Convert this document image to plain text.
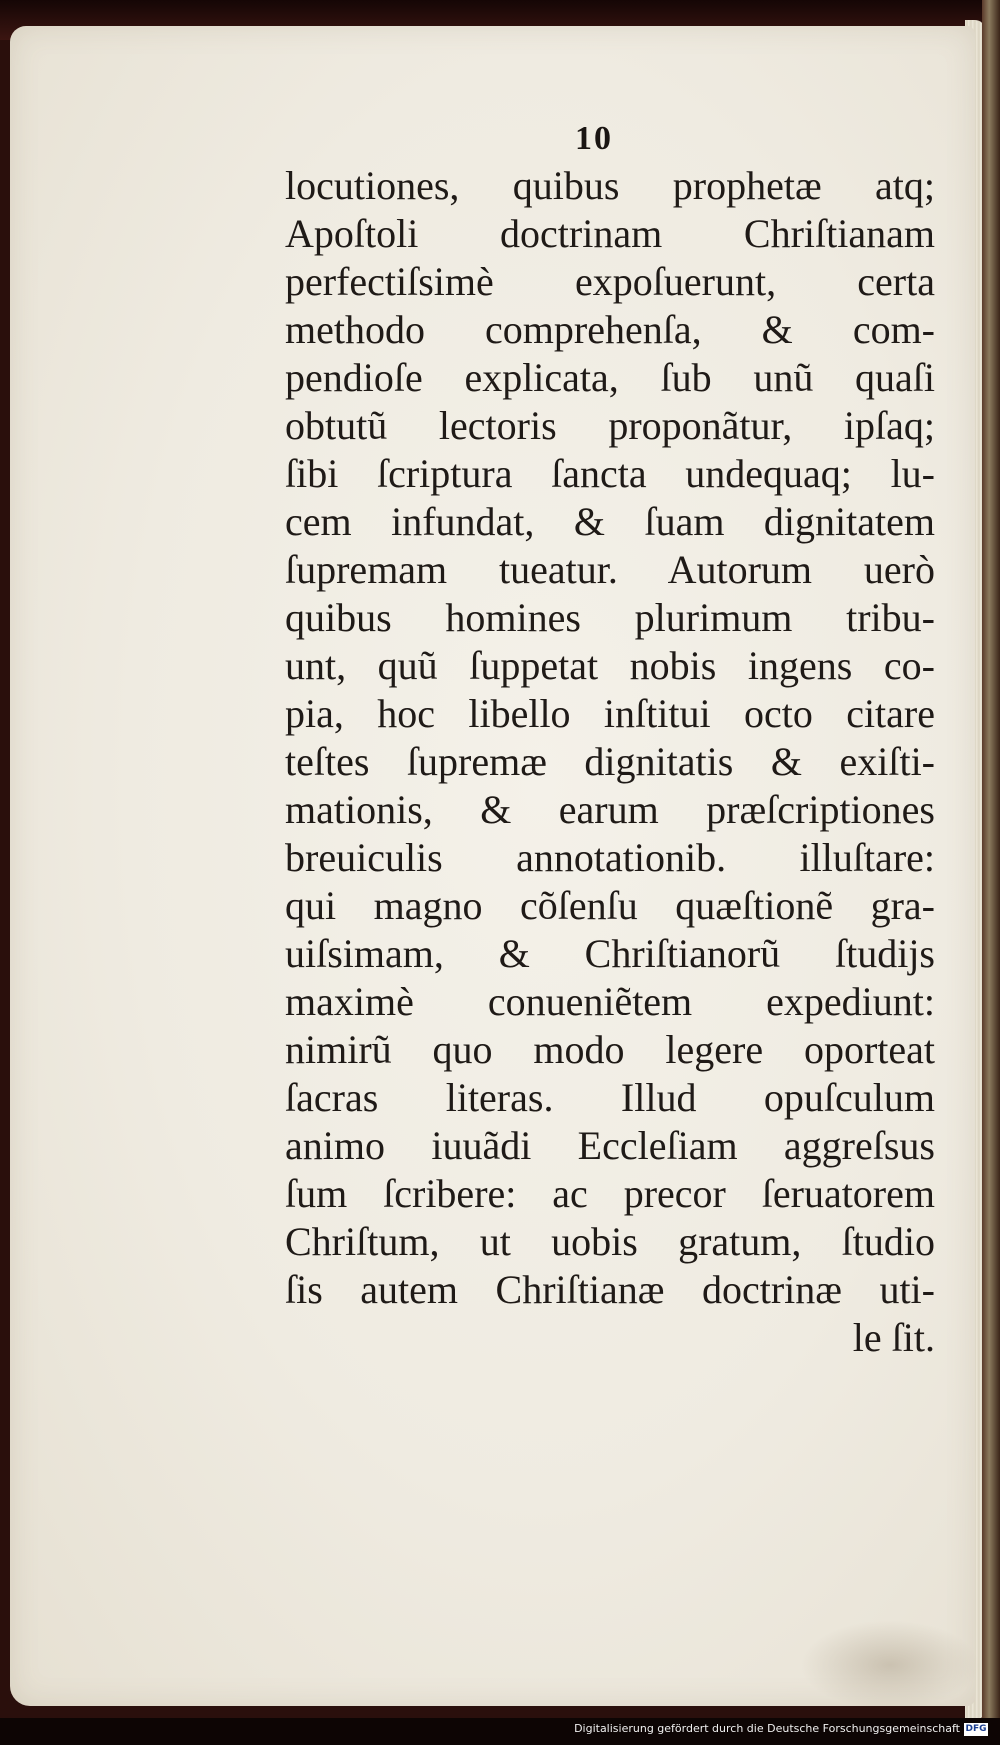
10
locutiones, quibus prophetæ atq;
Apoſtoli doctrinam Chriſtianam
perfectiſsimè expoſuerunt, certa
methodo comprehenſa, & com-
pendioſe explicata, ſub unũ quaſi
obtutũ lectoris proponãtur, ipſaq;
ſibi ſcriptura ſancta undequaq; lu-
cem infundat, & ſuam dignitatem
ſupremam tueatur. Autorum uerò
quibus homines plurimum tribu-
unt, quũ ſuppetat nobis ingens co-
pia, hoc libello inſtitui octo citare
teſtes ſupremæ dignitatis & exiſti-
mationis, & earum præſcriptiones
breuiculis annotationib. illuſtare:
qui magno cõſenſu quæſtionẽ gra-
uiſsimam, & Chriſtianorũ ſtudijs
maximè conueniẽtem expediunt:
nimirũ quo modo legere oporteat
ſacras literas. Illud opuſculum
animo iuuãdi Eccleſiam aggreſsus
ſum ſcribere: ac precor ſeruatorem
Chriſtum, ut uobis gratum, ſtudio
ſis autem Chriſtianæ doctrinæ uti-
le ſit.
Digitalisierung gefördert durch die Deutsche Forschungsgemeinschaft DFG
